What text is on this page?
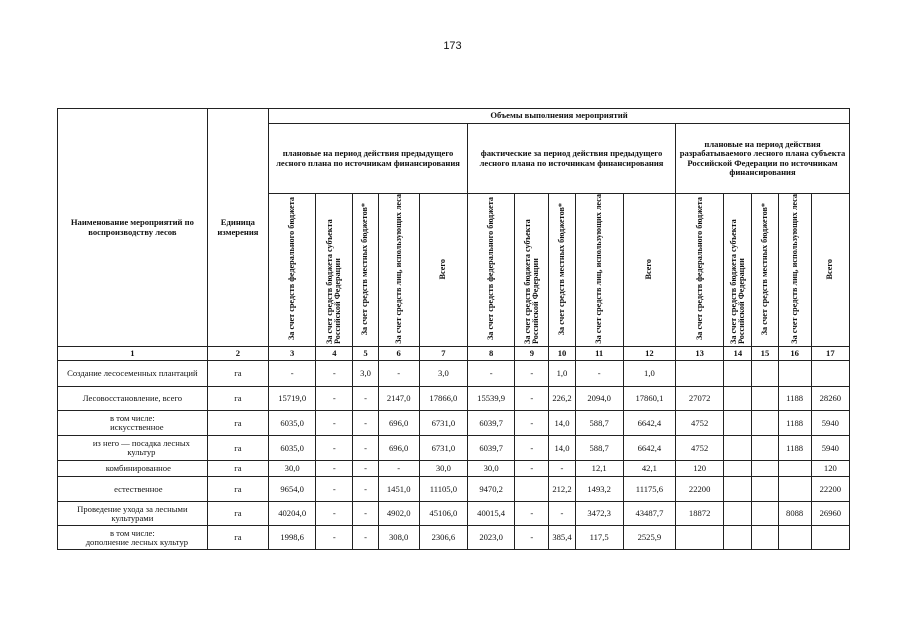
173
Наименование мероприятий по воспроизводству лесов	Единица измерения	Объемы выполнения мероприятий														
		плановые на период действия предыдущего лесного плана по источникам финансирования					фактические за период действия предыдущего лесного плана по источникам финансирования					плановые на период действия разрабатываемого лесного плана субъекта Российской Федерации по источникам финансирования				
		За счет средств федерального бюджета	За счет средств бюджета субъекта Российской Федерации	За счет средств местных бюджетов*	За счет средств лиц, использующих леса	Всего	За счет средств федерального бюджета	За счет средств бюджета субъекта Российской Федерации	За счет средств местных бюджетов*	За счет средств лиц, использующих леса	Всего	За счет средств федерального бюджета	За счет средств бюджета субъекта Российской Федерации	За счет средств местных бюджетов*	За счет средств лиц, использующих леса	Всего
1	2	3	4	5	6	7	8	9	10	11	12	13	14	15	16	17

Создание лесосеменных плантаций	га	-	-	3,0	-	3,0	-	-	1,0	-	1,0					

Лесовосстановление, всего	га	15719,0	-	-	2147,0	17866,0	15539,9	-	226,2	2094,0	17860,1	27072			1188	28260

в том числе:
искусственное	га	6035,0	-	-	696,0	6731,0	6039,7	-	14,0	588,7	6642,4	4752			1188	5940

из него — посадка лесных культур	га	6035,0	-	-	696,0	6731,0	6039,7	-	14,0	588,7	6642,4	4752			1188	5940

комбинированное	га	30,0	-	-	-	30,0	30,0	-	-	12,1	42,1	120				120

естественное	га	9654,0	-	-	1451,0	11105,0	9470,2		212,2	1493,2	11175,6	22200				22200

Проведение ухода за лесными культурами	га	40204,0	-	-	4902,0	45106,0	40015,4	-	-	3472,3	43487,7	18872			8088	26960

в том числе:
дополнение лесных культур	га	1998,6	-	-	308,0	2306,6	2023,0	-	385,4	117,5	2525,9					
